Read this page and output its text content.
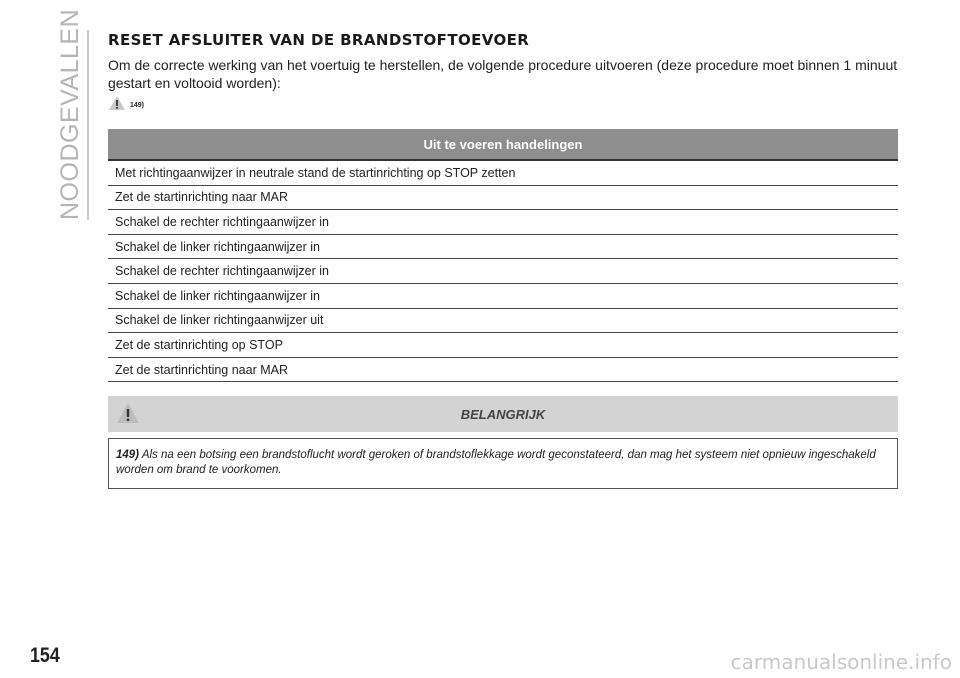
NOODGEVALLEN RESET AFSLUITER VAN DE BRANDSTOFTOEVOER
Om de correcte werking van het voertuig te herstellen, de volgende procedure uitvoeren (deze procedure moet binnen 1 minuut gestart en voltooid worden):
149)
Uit te voeren handelingen
Met richtingaanwijzer in neutrale stand de startinrichting op STOP zetten
Zet de startinrichting naar MAR
Schakel de rechter richtingaanwijzer in
Schakel de linker richtingaanwijzer in
Schakel de rechter richtingaanwijzer in
Schakel de linker richtingaanwijzer in
Schakel de linker richtingaanwijzer uit
Zet de startinrichting op STOP
Zet de startinrichting naar MAR
BELANGRIJK
149) Als na een botsing een brandstoflucht wordt geroken of brandstoflekkage wordt geconstateerd, dan mag het systeem niet opnieuw ingeschakeld worden om brand te voorkomen.
154	carmanualsonline.info
